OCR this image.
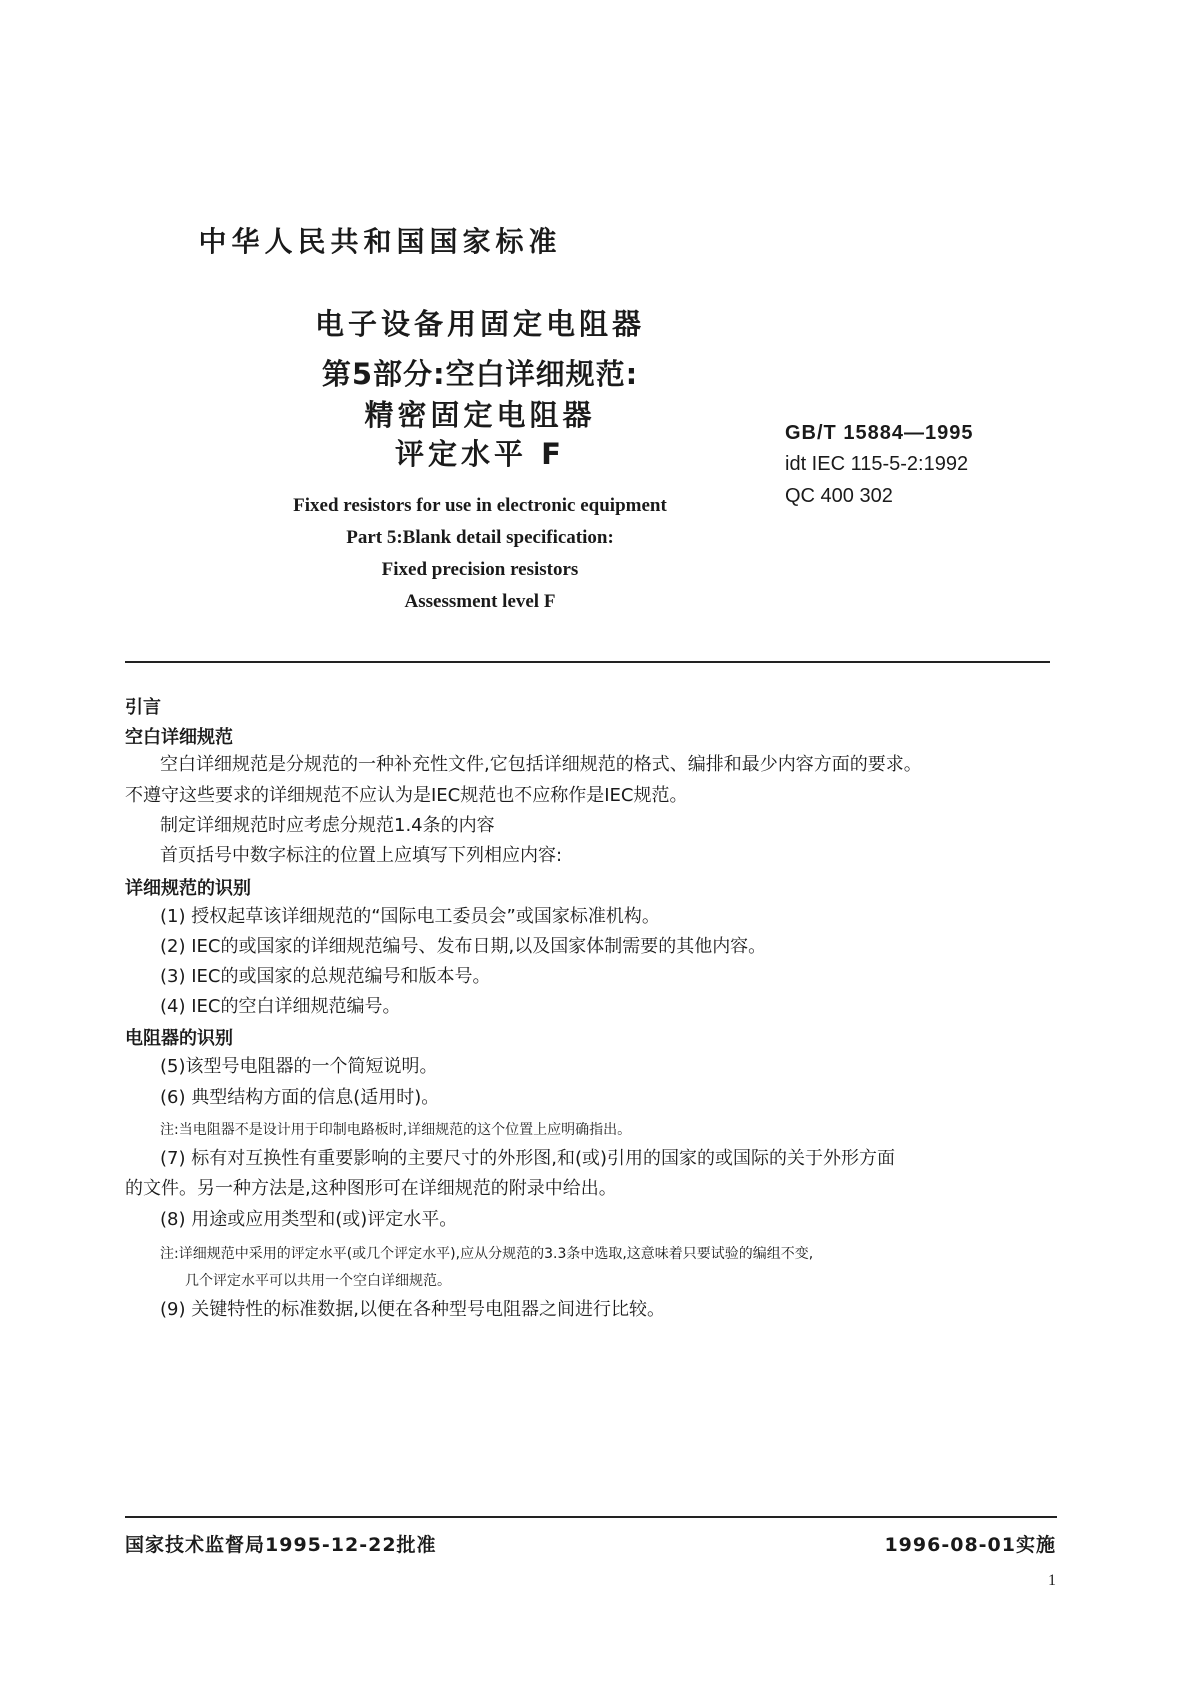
中华人民共和国国家标准
电子设备用固定电阻器
第5部分:空白详细规范:
精密固定电阻器
评定水平 F
GB/T 15884—1995
idt IEC 115-5-2:1992
QC 400 302
Fixed resistors for use in electronic equipment
Part 5:Blank detail specification:
Fixed precision resistors
Assessment level F
引言
空白详细规范
空白详细规范是分规范的一种补充性文件,它包括详细规范的格式、编排和最少内容方面的要求。
不遵守这些要求的详细规范不应认为是IEC规范也不应称作是IEC规范。
制定详细规范时应考虑分规范1.4条的内容
首页括号中数字标注的位置上应填写下列相应内容:
详细规范的识别
(1) 授权起草该详细规范的“国际电工委员会”或国家标准机构。
(2) IEC的或国家的详细规范编号、发布日期,以及国家体制需要的其他内容。
(3) IEC的或国家的总规范编号和版本号。
(4) IEC的空白详细规范编号。
电阻器的识别
(5)该型号电阻器的一个简短说明。
(6) 典型结构方面的信息(适用时)。
注:当电阻器不是设计用于印制电路板时,详细规范的这个位置上应明确指出。
(7) 标有对互换性有重要影响的主要尺寸的外形图,和(或)引用的国家的或国际的关于外形方面
的文件。另一种方法是,这种图形可在详细规范的附录中给出。
(8) 用途或应用类型和(或)评定水平。
注:详细规范中采用的评定水平(或几个评定水平),应从分规范的3.3条中选取,这意味着只要试验的编组不变,
几个评定水平可以共用一个空白详细规范。
(9) 关键特性的标准数据,以便在各种型号电阻器之间进行比较。
国家技术监督局1995-12-22批准	1996-08-01实施
1
